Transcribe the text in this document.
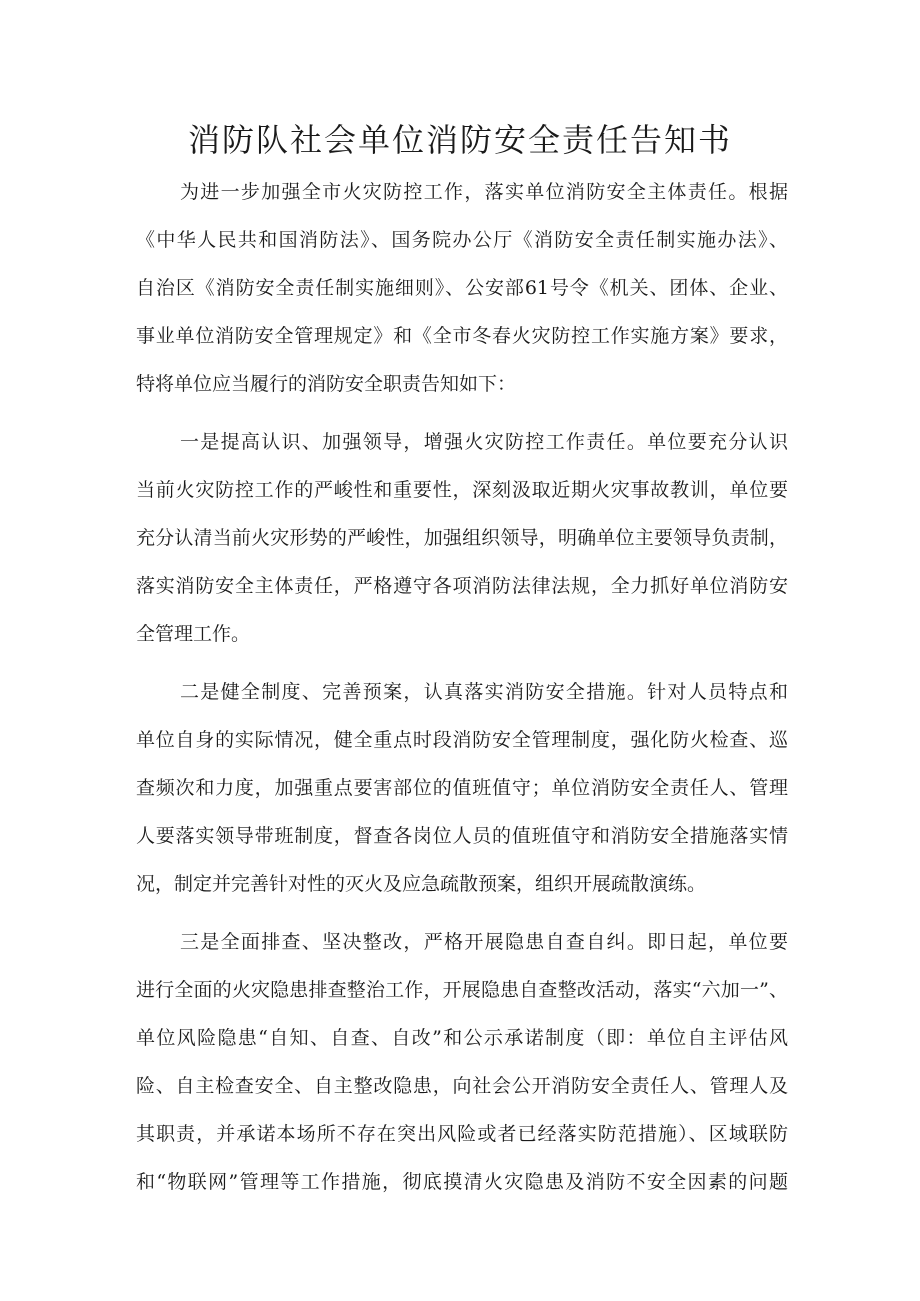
消防队社会单位消防安全责任告知书
为进一步加强全市火灾防控工作，落实单位消防安全主体责任。根据
《中华人民共和国消防法》、国务院办公厅《消防安全责任制实施办法》、
自治区《消防安全责任制实施细则》、公安部61号令《机关、团体、企业、
事业单位消防安全管理规定》和《全市冬春火灾防控工作实施方案》要求，
特将单位应当履行的消防安全职责告知如下：
一是提高认识、加强领导，增强火灾防控工作责任。单位要充分认识
当前火灾防控工作的严峻性和重要性，深刻汲取近期火灾事故教训，单位要
充分认清当前火灾形势的严峻性，加强组织领导，明确单位主要领导负责制，
落实消防安全主体责任，严格遵守各项消防法律法规，全力抓好单位消防安
全管理工作。
二是健全制度、完善预案，认真落实消防安全措施。针对人员特点和
单位自身的实际情况，健全重点时段消防安全管理制度，强化防火检查、巡
查频次和力度，加强重点要害部位的值班值守；单位消防安全责任人、管理
人要落实领导带班制度，督查各岗位人员的值班值守和消防安全措施落实情
况，制定并完善针对性的灭火及应急疏散预案，组织开展疏散演练。
三是全面排查、坚决整改，严格开展隐患自查自纠。即日起，单位要
进行全面的火灾隐患排查整治工作，开展隐患自查整改活动，落实“六加一”、
单位风险隐患“自知、自查、自改”和公示承诺制度（即：单位自主评估风
险、自主检查安全、自主整改隐患，向社会公开消防安全责任人、管理人及
其职责，并承诺本场所不存在突出风险或者已经落实防范措施）、区域联防
和“物联网”管理等工作措施，彻底摸清火灾隐患及消防不安全因素的问题
